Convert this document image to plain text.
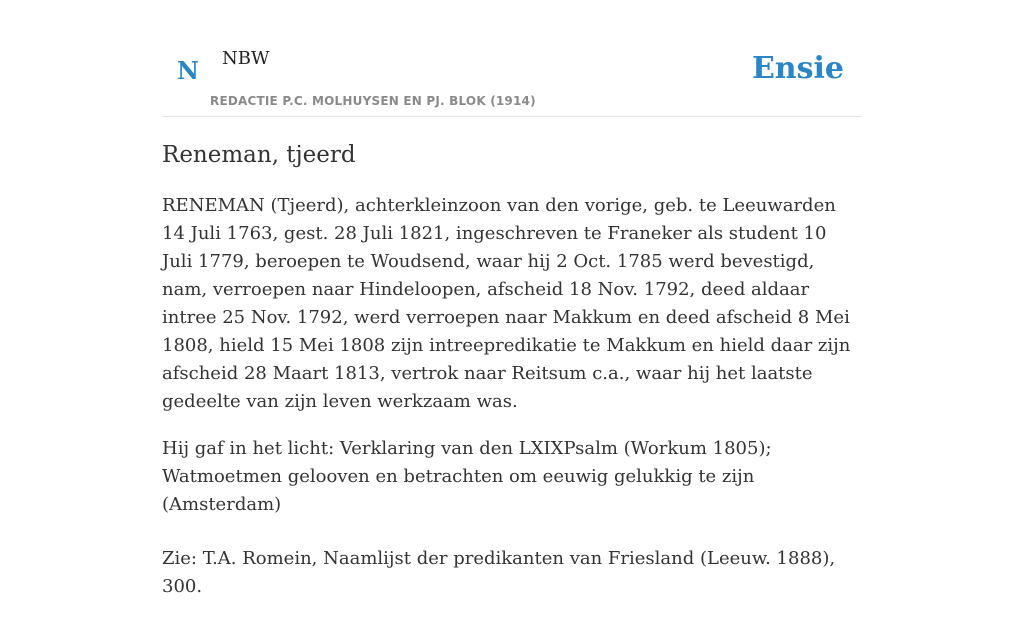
N NBW
REDACTIE P.C. MOLHUYSEN EN PJ. BLOK (1914)
Ensie
Reneman, tjeerd

RENEMAN (Tjeerd), achterkleinzoon van den vorige, geb. te Leeuwarden 14 Juli 1763, gest. 28 Juli 1821, ingeschreven te Franeker als student 10 Juli 1779, beroepen te Woudsend, waar hij 2 Oct. 1785 werd bevestigd, nam, verroepen naar Hindeloopen, afscheid 18 Nov. 1792, deed aldaar intree 25 Nov. 1792, werd verroepen naar Makkum en deed afscheid 8 Mei 1808, hield 15 Mei 1808 zijn intreepredikatie te Makkum en hield daar zijn afscheid 28 Maart 1813, vertrok naar Reitsum c.a., waar hij het laatste gedeelte van zijn leven werkzaam was.

Hij gaf in het licht: Verklaring van den LXIXPsalm (Workum 1805); Watmoetmen gelooven en betrachten om eeuwig gelukkig te zijn (Amsterdam)

Zie: T.A. Romein, Naamlijst der predikanten van Friesland (Leeuw. 1888), 300.
